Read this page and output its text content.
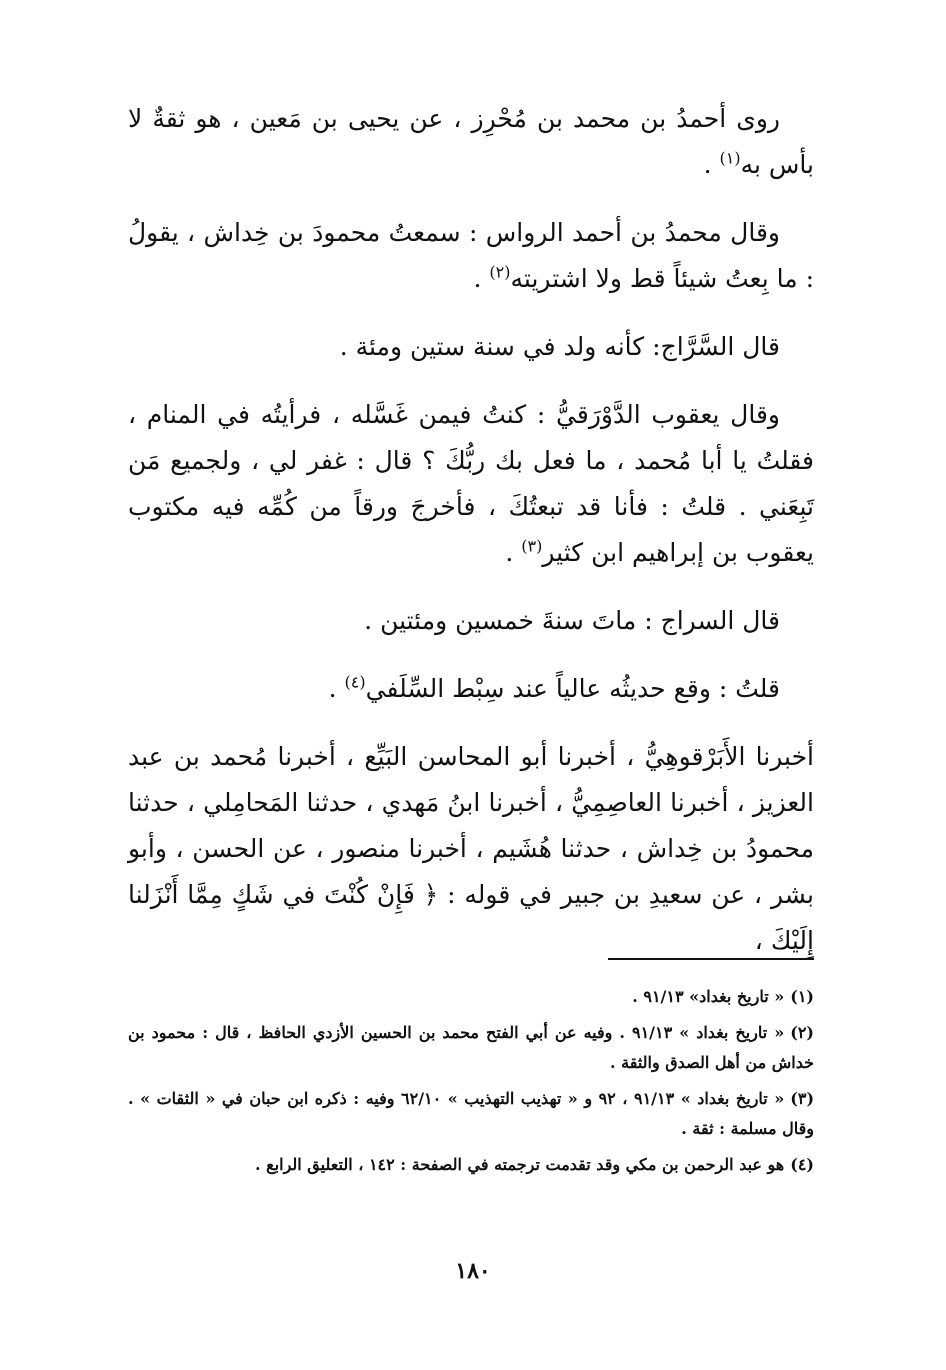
روى أحمدُ بن محمد بن مُحْرِز ، عن يحيى بن مَعين ، هو ثقةٌ لا بأس به$^{(١)}$ .

وقال محمدُ بن أحمد الرواس : سمعتُ محمودَ بن خِداش ، يقولُ : ما بِعتُ شيئاً قط ولا اشتريته$^{(٢)}$ .

قال السَّرَّاج: كأنه ولد في سنة ستين ومئة .

وقال يعقوب الدَّوْرَقيُّ : كنتُ فيمن غَسَّله ، فرأيتُه في المنام ، فقلتُ يا أبا مُحمد ، ما فعل بك ربُّكَ ؟ قال : غفر لي ، ولجميع مَن تَبِعَني . قلتُ : فأنا قد تبعتُكَ ، فأخرجَ ورقاً من كُمِّه فيه مكتوب يعقوب بن إبراهيم ابن كثير$^{(٣)}$ .

قال السراج : ماتَ سنةَ خمسين ومئتين .

قلتُ : وقع حديثُه عالياً عند سِبْط السِّلَفي$^{(٤)}$ .

أخبرنا الأَبَرْقوهِيُّ ، أخبرنا أبو المحاسن البَيِّع ، أخبرنا مُحمد بن عبد العزيز ، أخبرنا العاصِمِيُّ ، أخبرنا ابنُ مَهدي ، حدثنا المَحامِلي ، حدثنا محمودُ بن خِداش ، حدثنا هُشَيم ، أخبرنا منصور ، عن الحسن ، وأبو بشر ، عن سعيدِ بن جبير في قوله : ﴿ فَإِنْ كُنْتَ في شَكٍ مِمَّا أَنْزَلنا إِلَيْكَ ،

(١)« تاريخ بغداد» ٩١/١٣ .

(٢)« تاريخ بغداد » ٩١/١٣ . وفيه عن أبي الفتح محمد بن الحسين الأزدي الحافظ ، قال : محمود بن خداش من أهل الصدق والثقة .

(٣)« تاريخ بغداد » ٩١/١٣ ، ٩٢ و « تهذيب التهذيب » ٦٢/١٠ وفيه : ذكره ابن حبان في « الثقات » . وقال مسلمة : ثقة .

(٤)هو عبد الرحمن بن مكي وقد تقدمت ترجمته في الصفحة : ١٤٢ ، التعليق الرابع .

١٨٠
